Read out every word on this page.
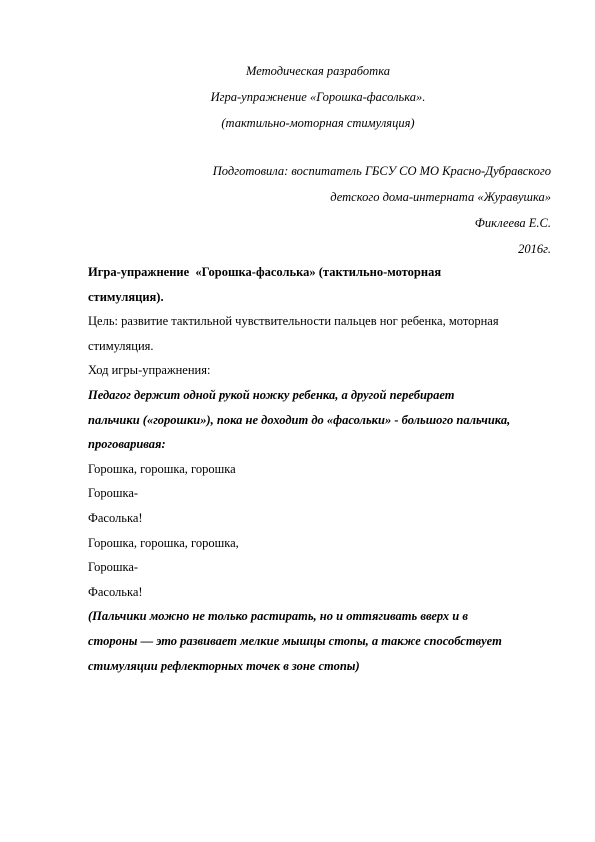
Методическая разработка
Игра-упражнение «Горошка-фасолька».
(тактильно-моторная стимуляция)
Подготовила: воспитатель ГБСУ СО МО Красно-Дубравского
детского дома-интерната «Журавушка»
Фиклеева Е.С.
2016г.

Игра-упражнение  «Горошка-фасолька» (тактильно-моторная

стимуляция).

Цель: развитие тактильной чувствительности пальцев ног ребенка, моторная

стимуляция.

Ход игры-упражнения:

Педагог держит одной рукой ножку ребенка, а другой перебирает

пальчики («горошки»), пока не доходит до «фасольки» - большого пальчика,

проговаривая:

Горошка, горошка, горошка

Горошка-

Фасолька!

Горошка, горошка, горошка,

Горошка-

Фасолька!

(Пальчики можно не только растирать, но и оттягивать вверх и в

стороны — это развивает мелкие мышцы стопы, а также способствует

стимуляции рефлекторных точек в зоне стопы)
